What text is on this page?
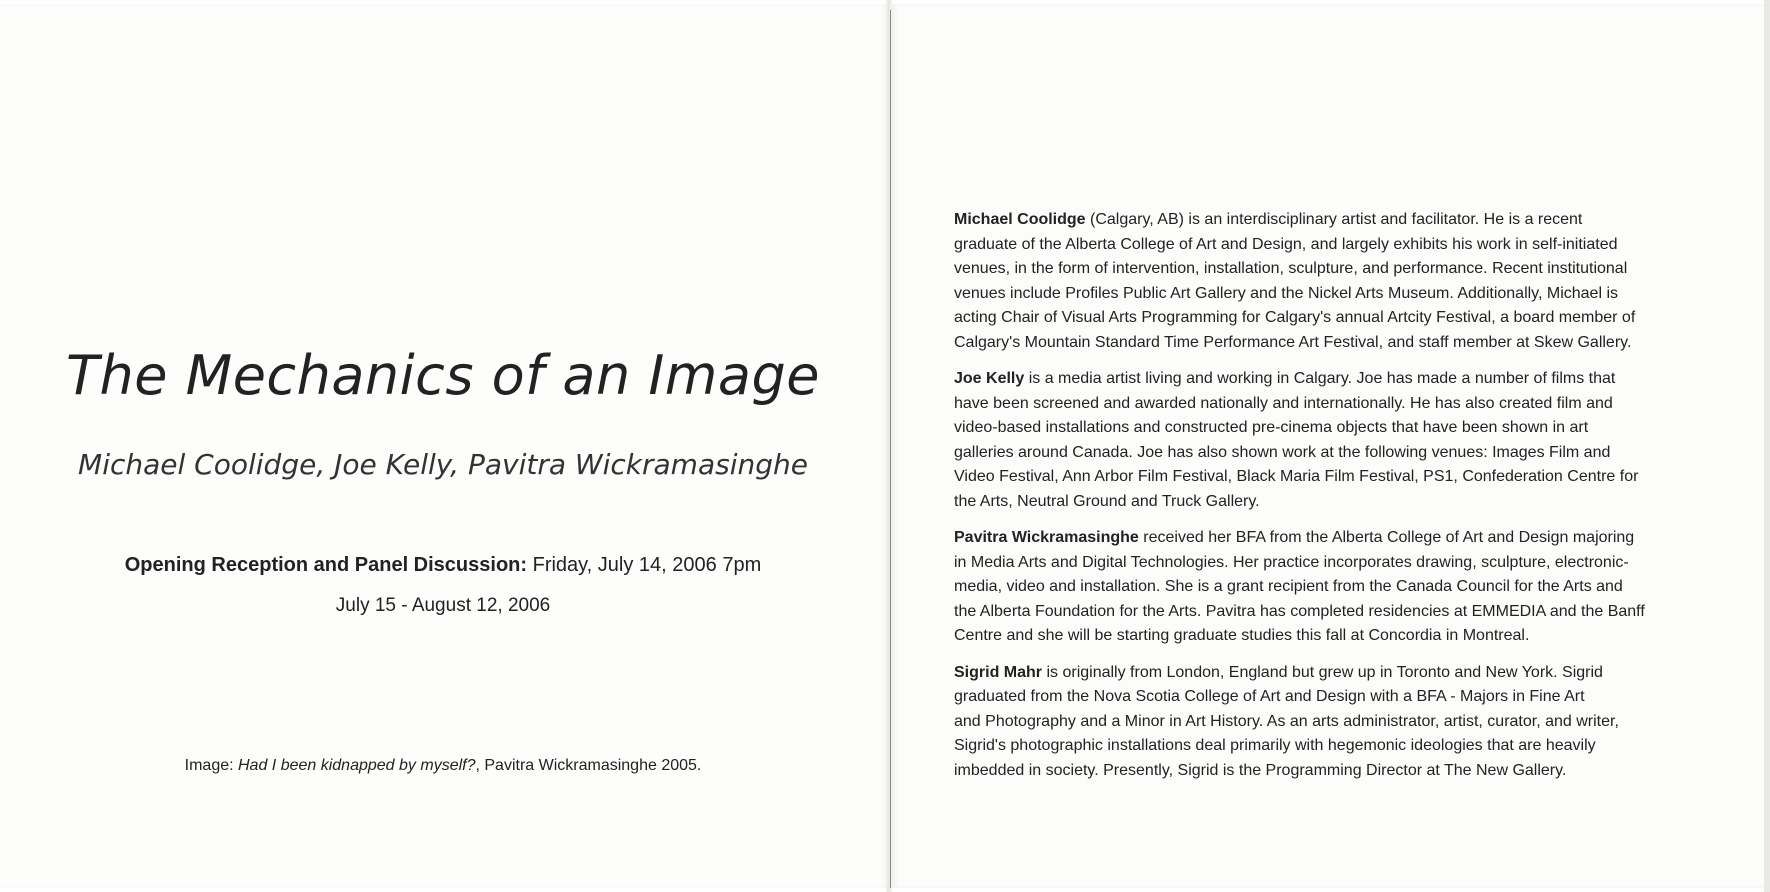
The Mechanics of an Image

Michael Coolidge, Joe Kelly, Pavitra Wickramasinghe

Opening Reception and Panel Discussion: Friday, July 14, 2006 7pm

July 15 - August 12, 2006

Image: Had I been kidnapped by myself?, Pavitra Wickramasinghe 2005.

Michael Coolidge (Calgary, AB) is an interdisciplinary artist and facilitator. He is a recent
graduate of the Alberta College of Art and Design, and largely exhibits his work in self-initiated
venues, in the form of intervention, installation, sculpture, and performance. Recent institutional
venues include Profiles Public Art Gallery and the Nickel Arts Museum. Additionally, Michael is
acting Chair of Visual Arts Programming for Calgary's annual Artcity Festival, a board member of
Calgary's Mountain Standard Time Performance Art Festival, and staff member at Skew Gallery.

Joe Kelly is a media artist living and working in Calgary. Joe has made a number of films that
have been screened and awarded nationally and internationally. He has also created film and
video-based installations and constructed pre-cinema objects that have been shown in art
galleries around Canada. Joe has also shown work at the following venues: Images Film and
Video Festival, Ann Arbor Film Festival, Black Maria Film Festival, PS1, Confederation Centre for
the Arts, Neutral Ground and Truck Gallery.

Pavitra Wickramasinghe received her BFA from the Alberta College of Art and Design majoring
in Media Arts and Digital Technologies. Her practice incorporates drawing, sculpture, electronic-
media, video and installation. She is a grant recipient from the Canada Council for the Arts and
the Alberta Foundation for the Arts. Pavitra has completed residencies at EMMEDIA and the Banff
Centre and she will be starting graduate studies this fall at Concordia in Montreal.

Sigrid Mahr is originally from London, England but grew up in Toronto and New York. Sigrid
graduated from the Nova Scotia College of Art and Design with a BFA - Majors in Fine Art
and Photography and a Minor in Art History. As an arts administrator, artist, curator, and writer,
Sigrid's photographic installations deal primarily with hegemonic ideologies that are heavily
imbedded in society. Presently, Sigrid is the Programming Director at The New Gallery.
